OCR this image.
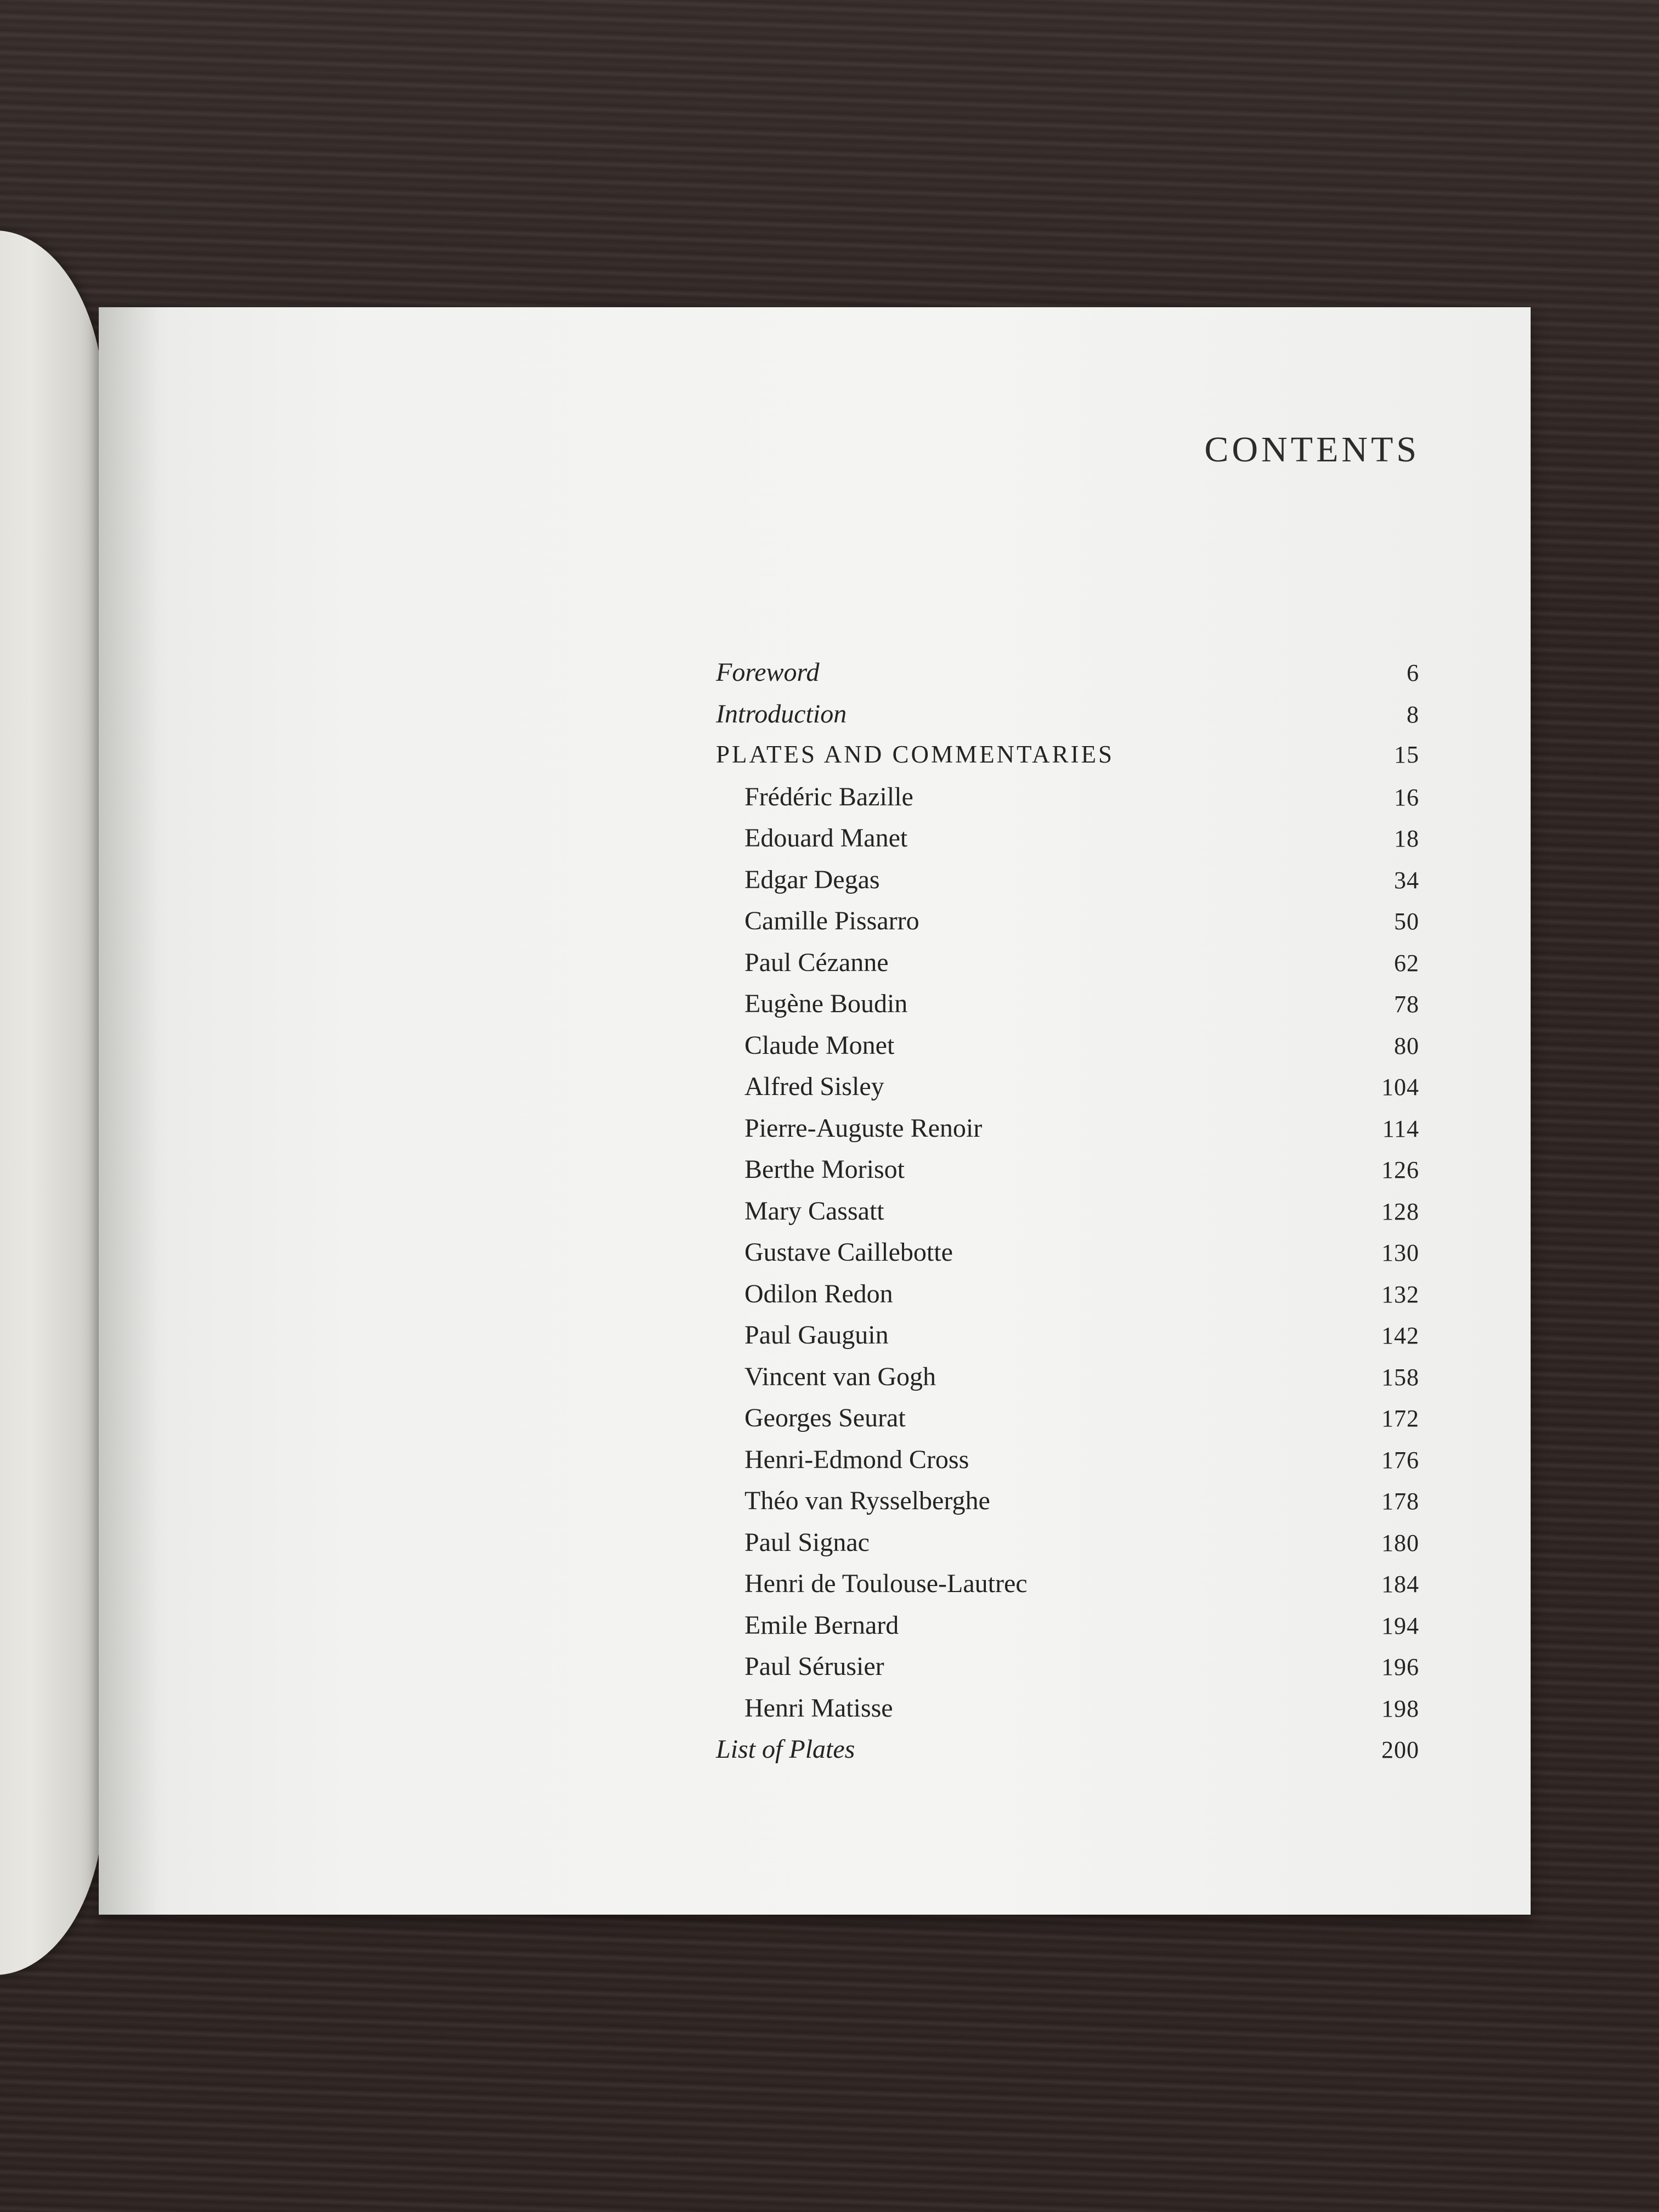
CONTENTS
Foreword	6
Introduction	8
PLATES AND COMMENTARIES	15
Frédéric Bazille	16
Edouard Manet	18
Edgar Degas	34
Camille Pissarro	50
Paul Cézanne	62
Eugène Boudin	78
Claude Monet	80
Alfred Sisley	104
Pierre-Auguste Renoir	114
Berthe Morisot	126
Mary Cassatt	128
Gustave Caillebotte	130
Odilon Redon	132
Paul Gauguin	142
Vincent van Gogh	158
Georges Seurat	172
Henri-Edmond Cross	176
Théo van Rysselberghe	178
Paul Signac	180
Henri de Toulouse-Lautrec	184
Emile Bernard	194
Paul Sérusier	196
Henri Matisse	198
List of Plates	200
